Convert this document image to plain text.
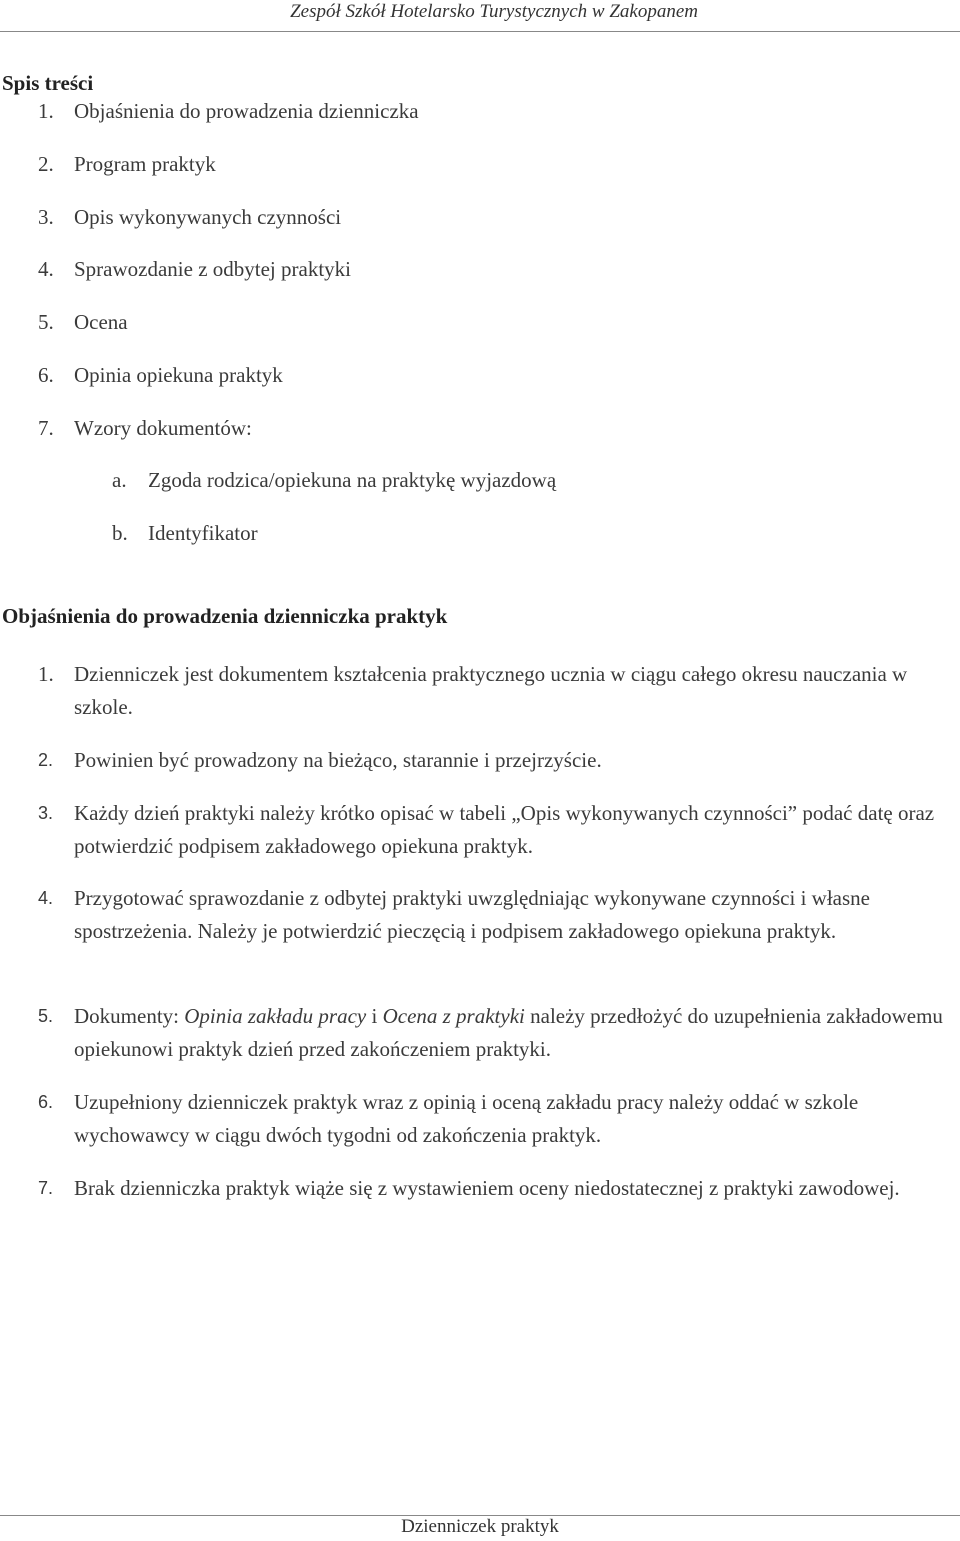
Zespół Szkół Hotelarsko Turystycznych w Zakopanem
Spis treści
1. Objaśnienia do prowadzenia dzienniczka
2. Program praktyk
3. Opis wykonywanych czynności
4. Sprawozdanie z odbytej praktyki
5. Ocena
6. Opinia opiekuna praktyk
7. Wzory dokumentów:
a. Zgoda rodzica/opiekuna na praktykę wyjazdową
b. Identyfikator
Objaśnienia do prowadzenia dzienniczka praktyk
1. Dzienniczek jest dokumentem kształcenia praktycznego ucznia w ciągu całego okresu nauczania w szkole.
2. Powinien być prowadzony na bieżąco, starannie i przejrzyście.
3. Każdy dzień praktyki należy krótko opisać w tabeli „Opis wykonywanych czynności” podać datę oraz potwierdzić podpisem zakładowego opiekuna praktyk.
4. Przygotować sprawozdanie z odbytej praktyki uwzględniając wykonywane czynności i własne spostrzeżenia. Należy je potwierdzić pieczęcią i podpisem zakładowego opiekuna praktyk.
5. Dokumenty: Opinia zakładu pracy i Ocena z praktyki należy przedłożyć do uzupełnienia zakładowemu opiekunowi praktyk dzień przed zakończeniem praktyki.
6. Uzupełniony dzienniczek praktyk wraz z opinią i oceną zakładu pracy należy oddać w szkole wychowawcy w ciągu dwóch tygodni od zakończenia praktyk.
7. Brak dzienniczka praktyk wiąże się z wystawieniem oceny niedostatecznej z praktyki zawodowej.
Dzienniczek praktyk
